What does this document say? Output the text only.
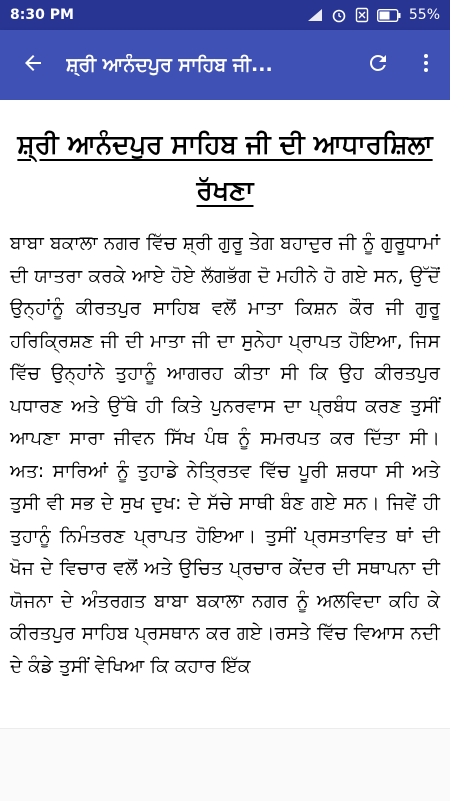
8:30 PM	55%
ਸ਼੍ਰੀ ਆਨੰਦਪੁਰ ਸਾਹਿਬ ਜੀ...
ਸ਼੍ਰੀ ਆਨੰਦਪੁਰ ਸਾਹਿਬ ਜੀ ਦੀ ਆਧਾਰਸ਼ਿਲਾ ਰੱਖਣਾ
ਬਾਬਾ ਬਕਾਲਾ ਨਗਰ ਵਿੱਚ ਸ਼੍ਰੀ ਗੁਰੂ ਤੇਗ ਬਹਾਦੁਰ ਜੀ ਨੂੰ ਗੁਰੂਧਾਮਾਂ ਦੀ ਯਾਤਰਾ ਕਰਕੇ ਆਏ ਹੋਏ ਲੱਗਭੱਗ ਦੋ ਮਹੀਨੇ ਹੋ ਗਏ ਸਨ, ਉੱਦੋਂ ਉਨ੍ਹਾਂਨੂੰ ਕੀਰਤਪੁਰ ਸਾਹਿਬ ਵਲੋਂ ਮਾਤਾ ਕਿਸ਼ਨ ਕੌਰ ਜੀ ਗੁਰੂ ਹਰਿਕ੍ਰਿਸ਼ਣ ਜੀ ਦੀ ਮਾਤਾ ਜੀ ਦਾ ਸੁਨੇਹਾ ਪ੍ਰਾਪਤ ਹੋਇਆ, ਜਿਸ ਵਿੱਚ ਉਨ੍ਹਾਂਨੇ ਤੁਹਾਨੂੰ ਆਗਰਹ ਕੀਤਾ ਸੀ ਕਿ ਉਹ ਕੀਰਤਪੁਰ ਪਧਾਰਣ ਅਤੇ ਉੱਥੇ ਹੀ ਕਿਤੇ ਪੁਨਰਵਾਸ ਦਾ ਪ੍ਰਬੰਧ ਕਰਣ ਤੁਸੀਂ ਆਪਣਾ ਸਾਰਾ ਜੀਵਨ ਸਿੱਖ ਪੰਥ ਨੂੰ ਸਮਰਪਤ ਕਰ ਦਿੱਤਾ ਸੀ। ਅਤ: ਸਾਰਿਆਂ ਨੂੰ ਤੁਹਾਡੇ ਨੇਤ੍ਰਿਤਵ ਵਿੱਚ ਪੂਰੀ ਸ਼ਰਧਾ ਸੀ ਅਤੇ ਤੁਸੀ ਵੀ ਸਭ ਦੇ ਸੁਖ ਦੁਖ: ਦੇ ਸੱਚੇ ਸਾਥੀ ਬੰਣ ਗਏ ਸਨ। ਜਿਵੇਂ ਹੀ ਤੁਹਾਨੂੰ ਨਿਮੰਤਰਣ ਪ੍ਰਾਪਤ ਹੋਇਆ। ਤੁਸੀਂ ਪ੍ਰਸਤਾਵਿਤ ਥਾਂ ਦੀ ਖੋਜ ਦੇ ਵਿਚਾਰ ਵਲੋਂ ਅਤੇ ਉਚਿਤ ਪ੍ਰਚਾਰ ਕੇਂਦਰ ਦੀ ਸਥਾਪਨਾ ਦੀ ਯੋਜਨਾ ਦੇ ਅੰਤਰਗਤ ਬਾਬਾ ਬਕਾਲਾ ਨਗਰ ਨੂੰ ਅਲਵਿਦਾ ਕਹਿ ਕੇ ਕੀਰਤਪੁਰ ਸਾਹਿਬ ਪ੍ਰਸਥਾਨ ਕਰ ਗਏ।ਰਸਤੇ ਵਿੱਚ ਵਿਆਸ ਨਦੀ ਦੇ ਕੰਡੇ ਤੁਸੀਂ ਵੇਖਿਆ ਕਿ ਕਹਾਰ ਇੱਕ
